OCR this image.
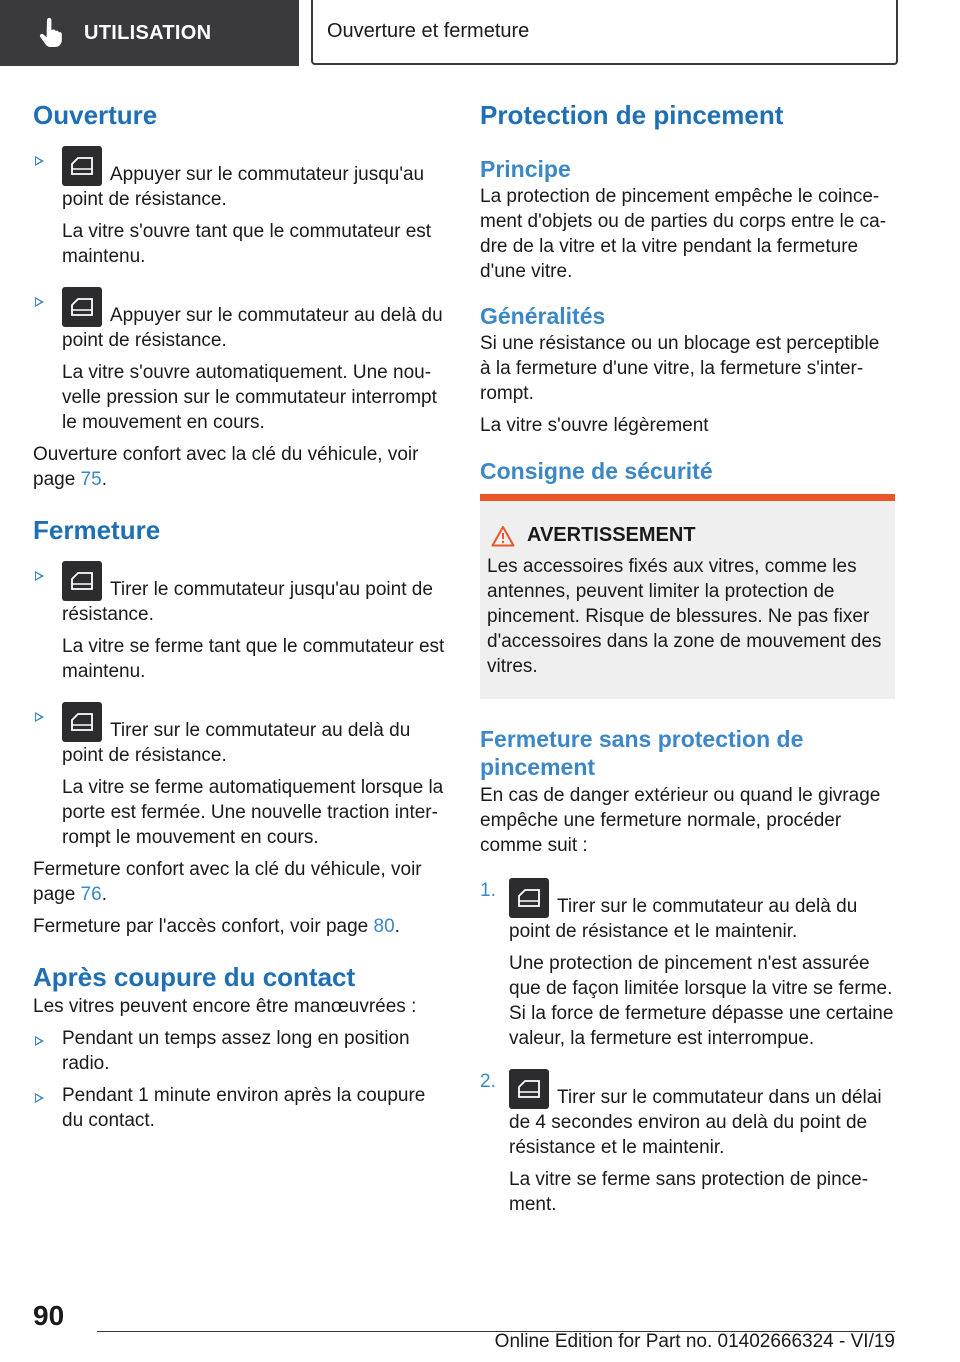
UTILISATION	Ouverture et fermeture
Ouverture

Appuyer sur le commutateur jusqu'au point de résistance.

La vitre s'ouvre tant que le commutateur est maintenu.

Appuyer sur le commutateur au delà du point de résistance.

La vitre s'ouvre automatiquement. Une nouvelle pression sur le commutateur interrompt le mouvement en cours.

Ouverture confort avec la clé du véhicule, voir page 75.

Fermeture

Tirer le commutateur jusqu'au point de résistance.

La vitre se ferme tant que le commutateur est maintenu.

Tirer sur le commutateur au delà du point de résistance.

La vitre se ferme automatiquement lorsque la porte est fermée. Une nouvelle traction interrompt le mouvement en cours.

Fermeture confort avec la clé du véhicule, voir page 76.

Fermeture par l'accès confort, voir page 80.

Après coupure du contact

Les vitres peuvent encore être manœuvrées :

Pendant un temps assez long en position radio.

Pendant 1 minute environ après la coupure du contact.

Protection de pincement
Principe

La protection de pincement empêche le coincement d'objets ou de parties du corps entre le cadre de la vitre et la vitre pendant la fermeture d'une vitre.

Généralités

Si une résistance ou un blocage est perceptible à la fermeture d'une vitre, la fermeture s'interrompt.

La vitre s'ouvre légèrement

Consigne de sécurité
AVERTISSEMENT

Les accessoires fixés aux vitres, comme les antennes, peuvent limiter la protection de pincement. Risque de blessures. Ne pas fixer d'accessoires dans la zone de mouvement des vitres.

Fermeture sans protection de pincement

En cas de danger extérieur ou quand le givrage empêche une fermeture normale, procéder comme suit :

1.

Tirer sur le commutateur au delà du point de résistance et le maintenir.

Une protection de pincement n'est assurée que de façon limitée lorsque la vitre se ferme. Si la force de fermeture dépasse une certaine valeur, la fermeture est interrompue.

2.

Tirer sur le commutateur dans un délai de 4 secondes environ au delà du point de résistance et le maintenir.

La vitre se ferme sans protection de pincement.

90
Online Edition for Part no. 01402666324 - VI/19
